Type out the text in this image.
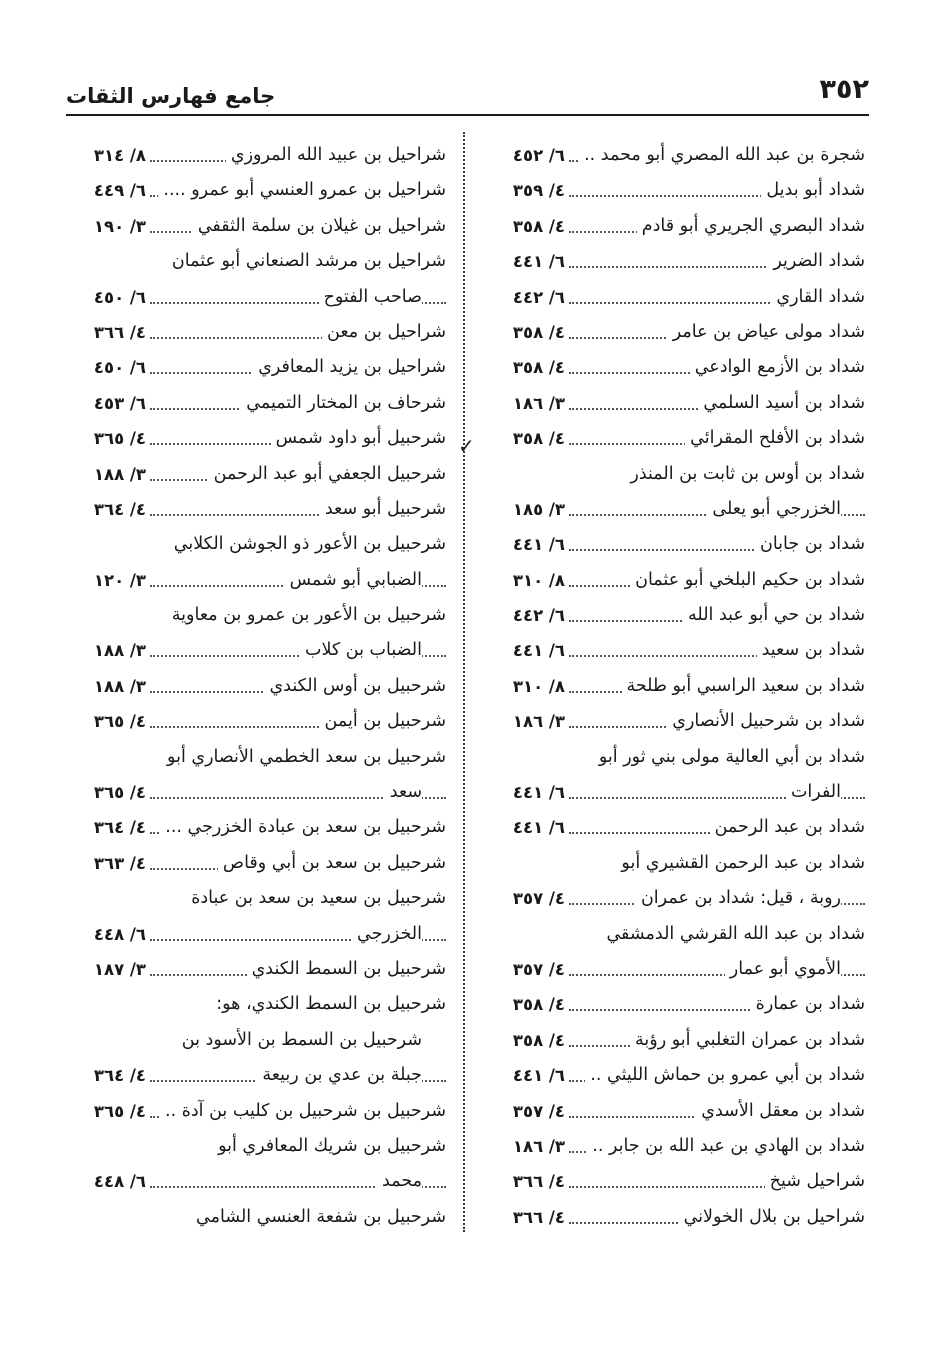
٣٥٢
جامع فهارس الثقات
شجرة بن عبد الله المصري أبو محمد ..
٦/ ٤٥٢
شداد أبو بديل
٤/ ٣٥٩
شداد البصري الجريري أبو قادم
٤/ ٣٥٨
شداد الضرير
٦/ ٤٤١
شداد القاري
٦/ ٤٤٢
شداد مولى عياض بن عامر
٤/ ٣٥٨
شداد بن الأزمع الوادعي
٤/ ٣٥٨
شداد بن أسيد السلمي
٣/ ١٨٦
شداد بن الأفلح المقرائي
٤/ ٣٥٨
شداد بن أوس بن ثابت بن المنذر
الخزرجي أبو يعلى
٣/ ١٨٥
شداد بن جابان
٦/ ٤٤١
شداد بن حكيم البلخي أبو عثمان
٨/ ٣١٠
شداد بن حي أبو عبد الله
٦/ ٤٤٢
شداد بن سعيد
٦/ ٤٤١
شداد بن سعيد الراسبي أبو طلحة
٨/ ٣١٠
شداد بن شرحبيل الأنصاري
٣/ ١٨٦
شداد بن أبي العالية مولى بني ثور أبو
الفرات
٦/ ٤٤١
شداد بن عبد الرحمن
٦/ ٤٤١
شداد بن عبد الرحمن القشيري أبو
روبة ، قيل: شداد بن عمران
٤/ ٣٥٧
شداد بن عبد الله القرشي الدمشقي
الأموي أبو عمار
٤/ ٣٥٧
شداد بن عمارة
٤/ ٣٥٨
شداد بن عمران التغلبي أبو رؤبة
٤/ ٣٥٨
شداد بن أبي عمرو بن حماش الليثي ..
٦/ ٤٤١
شداد بن معقل الأسدي
٤/ ٣٥٧
شداد بن الهادي بن عبد الله بن جابر ..
٣/ ١٨٦
شراحيل شيخ
٤/ ٣٦٦
شراحيل بن بلال الخولاني
٤/ ٣٦٦
شراحيل بن عبيد الله المروزي
٨/ ٣١٤
شراحيل بن عمرو العنسي أبو عمرو ....
٦/ ٤٤٩
شراحيل بن غيلان بن سلمة الثقفي
٣/ ١٩٠
شراحيل بن مرشد الصنعاني أبو عثمان
صاحب الفتوح
٦/ ٤٥٠
شراحيل بن معن
٤/ ٣٦٦
شراحيل بن يزيد المعافري
٦/ ٤٥٠
شرحاف بن المختار التميمي
٦/ ٤٥٣
شرحبيل أبو داود شمس
٤/ ٣٦٥
شرحبيل الجعفي أبو عبد الرحمن
٣/ ١٨٨
شرحبيل أبو سعد
٤/ ٣٦٤
شرحبيل بن الأعور ذو الجوشن الكلابي
الضبابي أبو شمس
٣/ ١٢٠
شرحبيل بن الأعور بن عمرو بن معاوية
الضباب بن كلاب
٣/ ١٨٨
شرحبيل بن أوس الكندي
٣/ ١٨٨
شرحبيل بن أيمن
٤/ ٣٦٥
شرحبيل بن سعد الخطمي الأنصاري أبو
سعد
٤/ ٣٦٥
شرحبيل بن سعد بن عبادة الخزرجي ...
٤/ ٣٦٤
شرحبيل بن سعد بن أبي وقاص
٤/ ٣٦٣
شرحبيل بن سعيد بن سعد بن عبادة
الخزرجي
٦/ ٤٤٨
شرحبيل بن السمط الكندي
٣/ ١٨٧
شرحبيل بن السمط الكندي، هو:
شرحبيل بن السمط بن الأسود بن
جبلة بن عدي بن ربيعة
٤/ ٣٦٤
شرحبيل بن شرحبيل بن كليب بن آدة ..
٤/ ٣٦٥
شرحبيل بن شريك المعافري أبو
محمد
٦/ ٤٤٨
شرحبيل بن شفعة العنسي الشامي
✓
